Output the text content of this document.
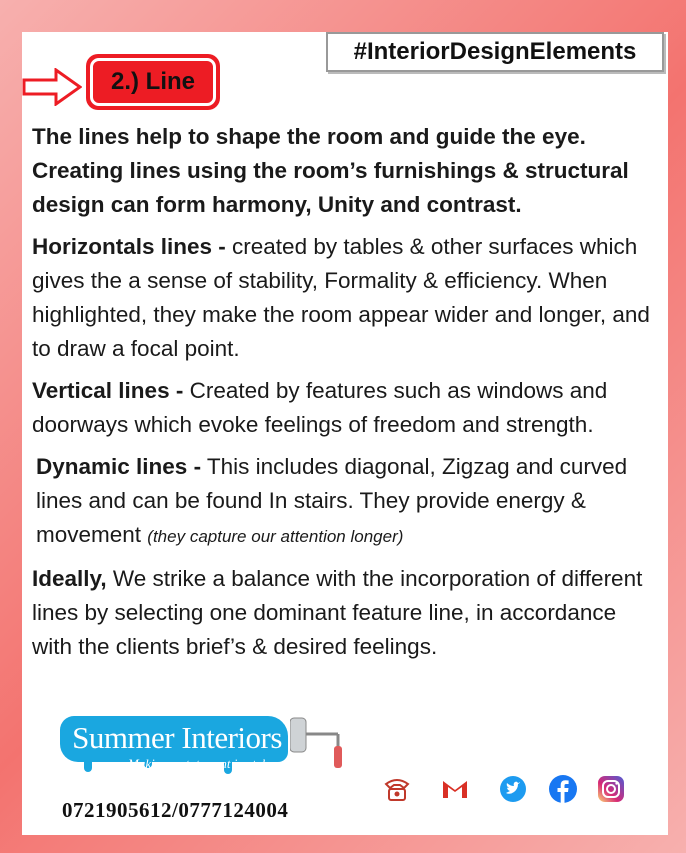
#InteriorDesignElements
2.) Line

The lines help to shape the room and guide the eye. Creating lines using the room’s furnishings & structural design can form harmony, Unity and contrast.

Horizontals lines - created by tables & other surfaces which gives the a sense of stability, Formality & efficiency. When highlighted, they make the room appear wider and longer, and to draw a focal point.

Vertical lines - Created by features such as windows and doorways which evoke feelings of freedom and strength.

Dynamic lines - This includes diagonal, Zigzag and curved lines and can be found In stairs. They provide energy & movement (they capture our attention longer)

Ideally, We strike a balance with the incorporation of different lines by selecting one dominant feature line, in accordance with the clients brief’s & desired feelings.

Summer Interiors
Making a statement in style
0721905612/0777124004
